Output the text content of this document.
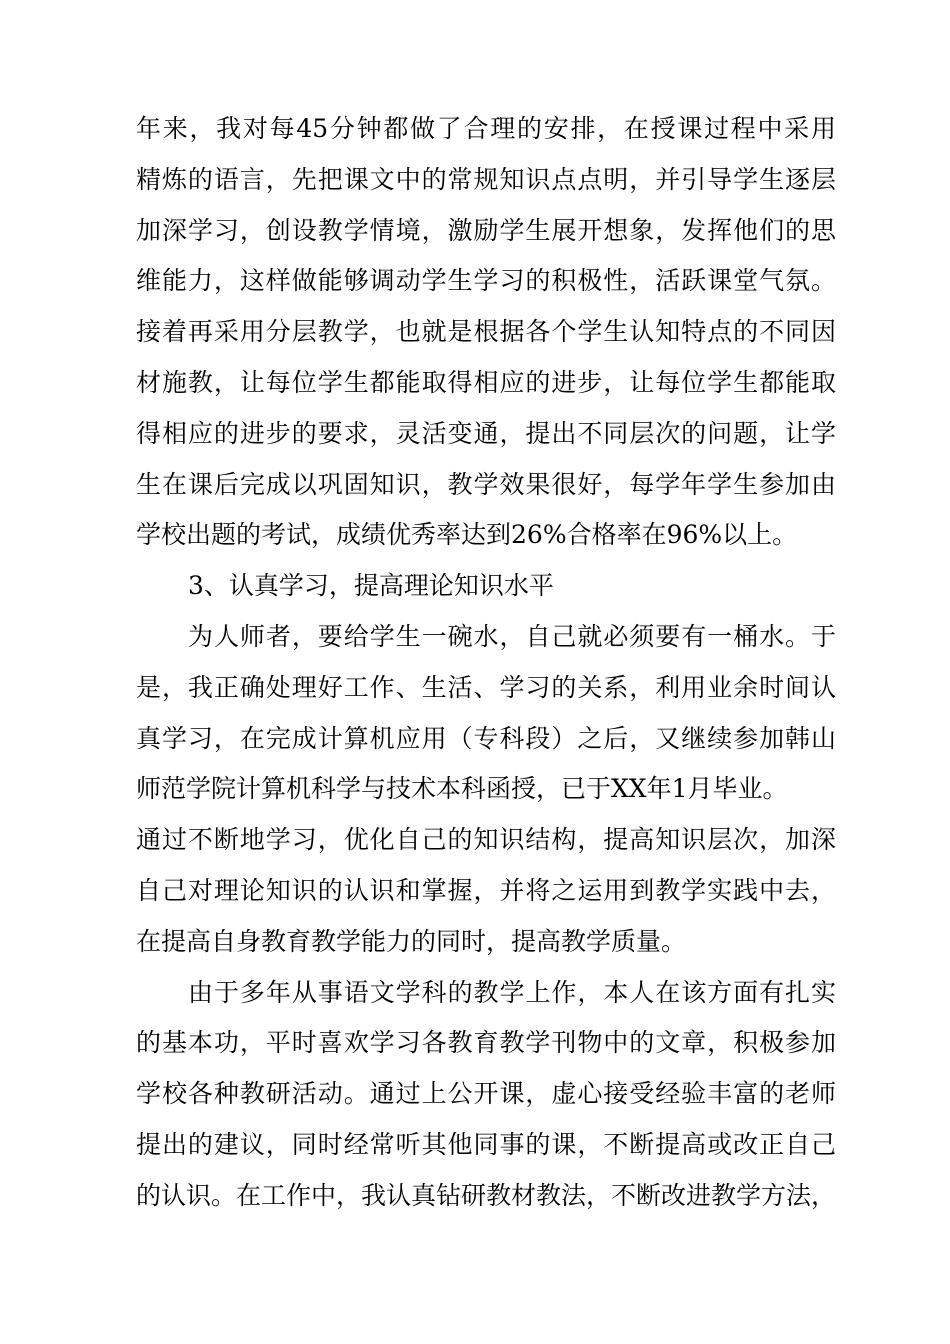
年来，我对每45分钟都做了合理的安排，在授课过程中采用
精炼的语言，先把课文中的常规知识点点明，并引导学生逐层
加深学习，创设教学情境，激励学生展开想象，发挥他们的思
维能力，这样做能够调动学生学习的积极性，活跃课堂气氛。
接着再采用分层教学，也就是根据各个学生认知特点的不同因
材施教，让每位学生都能取得相应的进步，让每位学生都能取
得相应的进步的要求，灵活变通，提出不同层次的问题，让学
生在课后完成以巩固知识，教学效果很好，每学年学生参加由
学校出题的考试，成绩优秀率达到26%合格率在96%以上。
3、认真学习，提高理论知识水平
为人师者，要给学生一碗水，自己就必须要有一桶水。于
是，我正确处理好工作、生活、学习的关系，利用业余时间认
真学习，在完成计算机应用（专科段）之后，又继续参加韩山
师范学院计算机科学与技术本科函授，已于XX年1月毕业。
通过不断地学习，优化自己的知识结构，提高知识层次，加深
自己对理论知识的认识和掌握，并将之运用到教学实践中去，
在提高自身教育教学能力的同时，提高教学质量。
由于多年从事语文学科的教学上作，本人在该方面有扎实
的基本功，平时喜欢学习各教育教学刊物中的文章，积极参加
学校各种教研活动。通过上公开课，虚心接受经验丰富的老师
提出的建议，同时经常听其他同事的课，不断提高或改正自己
的认识。在工作中，我认真钻研教材教法，不断改进教学方法，
